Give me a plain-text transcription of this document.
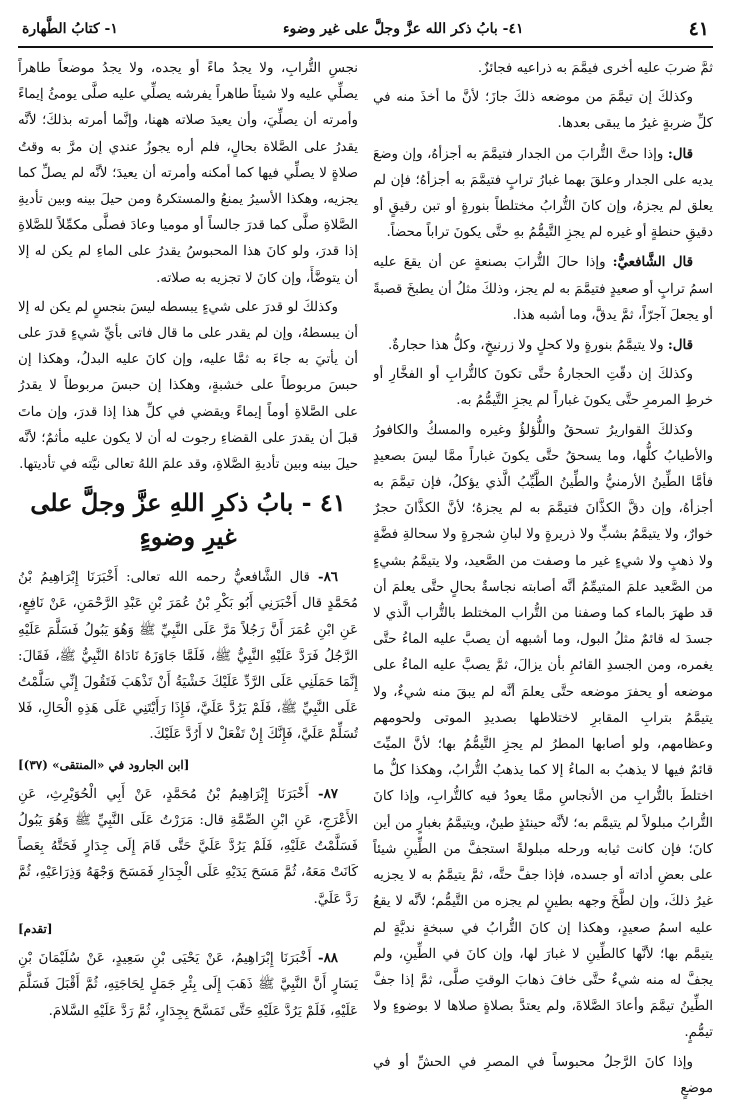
٤١
٤١- بابُ ذكر الله عزَّ وجلَّ على غير وضوء
١- كتابُ الطَّهارة

ثمَّ ضربَ عليه أخرى فيمَّمَ به ذراعيه فجائزٌ.

وكذلكَ إن تيمَّمَ من موضعه ذلكَ جازَ؛ لأنَّ ما أخذَ منه في كلِّ ضربةٍ غيرُ ما يبقى بعدها.

قال: وإذا حتَّ التُّرابَ من الجدار فتيمَّمَ به أجزأهُ، وإن وضعَ يديه على الجدار وعلقَ بهما غبارُ ترابٍ فتيمَّمَ به أجزأهُ؛ فإن لم يعلق لم يجزهُ، وإن كانَ التُّرابُ مختلطاً بنورةٍ أو تبن رقيقٍ أو دقيقِ حنطةٍ أو غيره لم يجزِ التَّيمُّمُ بهِ حتَّى يكونَ تراباً محضاً.

قال الشَّافعيُّ: وإذا حالَ التُّرابَ بصنعةٍ عن أن يقعَ عليه اسمُ ترابٍ أو صعيدٍ فتيمَّمَ به لم يجز، وذلكَ مثلُ أن يطبخَ قصبةً أو يجعلَ آجرّاً، ثمَّ يدقَّ، وما أشبه هذا.

قال: ولا يتيمَّمُ بنورةٍ ولا كحلٍ ولا زرنيخٍ، وكلُّ هذا حجارةٌ.

وكذلكَ إن دقّتِ الحجارةُ حتَّى تكونَ كالتُّرابِ أو الفخَّارِ أو خرطِ المرمرِ حتَّى يكونَ غباراً لم يجزِ التَّيمُّمُ به.

وكذلكَ القواريرُ تسحقُ واللُّؤلؤُ وغيره والمسكُ والكافورُ والأطيابُ كلُّها، وما يسحقُ حتَّى يكونَ غباراً ممَّا ليسَ بصعيدٍ فأمَّا الطِّينُ الأرمنيُّ والطِّينُ الطَّيِّبُ الَّذي يؤكلُ، فإن تيمَّمَ به أجزأهُ، وإن دقَّ الكذَّانَ فتيمَّمَ به لم يجزهُ؛ لأنَّ الكذَّانَ حجرٌ خوارٌ، ولا يتيمَّمُ بشبٍّ ولا ذريرةٍ ولا لبانِ شجرةٍ ولا سحالةِ فضَّةٍ ولا ذهبٍ ولا شيءٍ غير ما وصفت من الصَّعيد، ولا يتيمَّمُ بشيءٍ من الصَّعيد علمَ المتيمِّمُ أنَّه أصابته نجاسةٌ بحالٍ حتَّى يعلمَ أن قد طهرَ بالماء كما وصفنا من التُّراب المختلط بالتُّراب الَّذي لا جسدَ له قائمٌ مثلُ البول، وما أشبهه أن يصبَّ عليه الماءُ حتَّى يغمره، ومن الجسدِ القائمِ بأن يزالَ، ثمَّ يصبَّ عليه الماءُ على موضعه أو يحفرَ موضعه حتَّى يعلمَ أنَّه لم يبقَ منه شيءٌ، ولا يتيمَّمُ بترابِ المقابرِ لاختلاطها بصديدِ الموتى ولحومهم وعظامهم، ولو أصابها المطرُ لم يجزِ التَّيمُّمُ بها؛ لأنَّ الميِّتَ قائمٌ فيها لا يذهبُ به الماءُ إلا كما يذهبُ التُّرابُ، وهكذا كلُّ ما اختلطَ بالتُّرابِ من الأنجاسِ ممَّا يعودُ فيه كالتُّرابِ، وإذا كانَ التُّرابُ مبلولاً لم يتيمَّم به؛ لأنَّه حينئذٍ طينٌ، ويتيمَّمُ بغبارٍ من أين كانَ؛ فإن كانت ثيابه ورحله مبلولةً استجفَّ من الطِّينِ شيئاً على بعضِ أداته أو جسده، فإذا جفَّ حتَّه، ثمَّ يتيمَّمُ به لا يجزيه غيرُ ذلكَ، وإن لطَّخَ وجهه بطينٍ لم يجزه من التَّيمُّم؛ لأنَّه لا يقعُ عليه اسمُ صعيدٍ، وهكذا إن كانَ التُّرابُ في سبخةٍ نديَّةٍ لم يتيمَّم بها؛ لأنَّها كالطِّينِ لا غبارَ لها، وإن كانَ في الطِّينِ، ولم يجفَّ له منه شيءٌ حتَّى خافَ ذهابَ الوقتِ صلَّى، ثمَّ إذا جفَّ الطِّينُ تيمَّمَ وأعادَ الصَّلاةَ، ولم يعتدَّ بصلاةٍ صلاها لا بوضوءٍ ولا تيمُّمٍ.

وإذا كانَ الرَّجلُ محبوساً في المصرِ في الحشِّ أو في موضعٍ

نجسِ التُّرابِ، ولا يجدُ ماءً أو يجده، ولا يجدُ موضعاً طاهراً يصلِّي عليه ولا شيئاً طاهراً يفرشه يصلِّي عليه صلَّى يومئُ إيماءً وأمرته أن يصلِّيَ، وأن يعيدَ صلاته ههنا، وإنَّما أمرته بذلكَ؛ لأنَّه يقدرُ على الصَّلاة بحالٍ، فلم أره يجوزُ عندي إن مرَّ به وقتُ صلاةٍ لا يصلِّي فيها كما أمكنه وأمرته أن يعيدَ؛ لأنَّه لم يصلِّ كما يجزيه، وهكذا الأسيرُ يمنعُ والمستكرهُ ومن حيلَ بينه وبين تأديةِ الصَّلاةِ صلَّى كما قدرَ جالساً أو موميا وعادَ فصلَّى مكمِّلاً للصَّلاةِ إذا قدرَ، ولو كانَ هذا المحبوسُ يقدرُ على الماءِ لم يكن له إلا أن يتوضَّأَ، وإن كانَ لا تجزيه به صلاته.

وكذلكَ لو قدرَ على شيءٍ يبسطه ليسَ بنجسٍ لم يكن له إلا أن يبسطهُ، وإن لم يقدر على ما قال فاتى بأيِّ شيءٍ قدرَ على أن يأتيَ به جاءَ به ثمَّا عليه، وإن كانَ عليه البدلُ، وهكذا إن حبسَ مربوطاً على خشبةٍ، وهكذا إن حبسَ مربوطاً لا يقدرُ على الصَّلاةِ أوماً إيماءً ويقضي في كلِّ هذا إذا قدرَ، وإن ماتَ قبلَ أن يقدرَ على القضاءِ رجوت له أن لا يكون عليه مأثمٌ؛ لأنَّه حيلَ بينه وبين تأديةِ الصَّلاةِ، وقد علمَ اللهُ تعالى نيَّته في تأديتها.

٤١ - بابُ ذكرِ اللهِ عزَّ وجلَّ على غيرِ وضوءٍ

٨٦- قال الشَّافعيُّ رحمه الله تعالى: أَخْبَرَنَا إِبْرَاهِيمُ بْنُ مُحَمَّدٍ قال أَخْبَرَنِي أَبُو بَكْرِ بْنُ عُمَرَ بْنِ عَبْدِ الرَّحْمَنِ، عَنْ نَافِعٍ، عَنِ ابْنِ عُمَرَ أَنَّ رَجُلاً مَرَّ عَلَى النَّبِيِّ ﷺ وَهُوَ يَبُولُ فَسَلَّمَ عَلَيْهِ الرَّجُلُ فَرَدَّ عَلَيْهِ النَّبِيُّ ﷺ، فَلَمَّا جَاوَزَهُ نَادَاهُ النَّبِيُّ ﷺ، فَقَالَ: إِنَّمَا حَمَلَنِي عَلَى الرَّدِّ عَلَيْكَ خَشْيَةُ أَنْ تَذْهَبَ فَتَقُولَ إِنِّي سَلَّمْتُ عَلَى النَّبِيِّ ﷺ، فَلَمْ يَرُدَّ عَلَيَّ، فَإِذَا رَأَيْتَنِي عَلَى هَذِهِ الْحَالِ، فَلا تُسَلِّمْ عَلَيَّ، فَإِنَّكَ إِنْ تَفْعَلْ لا أَرُدَّ عَلَيْكَ.

[ابن الجارود في «المنتقى» (٣٧)]

٨٧- أَخْبَرَنَا إِبْرَاهِيمُ بْنُ مُحَمَّدٍ، عَنْ أَبِي الْحُوَيْرِثِ، عَنِ الأَعْرَجِ، عَنِ ابْنِ الصِّمَّةِ قال: مَرَرْتُ عَلَى النَّبِيِّ ﷺ وَهُوَ يَبُولُ فَسَلَّمْتُ عَلَيْهِ، فَلَمْ يَرُدَّ عَلَيَّ حَتَّى قَامَ إِلَى جِدَارٍ فَحَتَّهُ بِعَصاً كَانَتْ مَعَهُ، ثُمَّ مَسَحَ يَدَيْهِ عَلَى الْجِدَارِ فَمَسَحَ وَجْهَهُ وَذِرَاعَيْهِ، ثُمَّ رَدَّ عَلَيَّ.

[تقدم]

٨٨- أَخْبَرَنَا إِبْرَاهِيمُ، عَنْ يَحْيَى بْنِ سَعِيدٍ، عَنْ سُلَيْمَانَ بْنِ يَسَارٍ أَنَّ النَّبِيَّ ﷺ ذَهَبَ إِلَى بِئْرِ جَمَلٍ لِحَاجَتِهِ، ثُمَّ أَقْبَلَ فَسَلَّمَ عَلَيْهِ، فَلَمْ يَرُدَّ عَلَيْهِ حَتَّى تَمَسَّحَ بِجِدَارٍ، ثُمَّ رَدَّ عَلَيْهِ السَّلامَ.
